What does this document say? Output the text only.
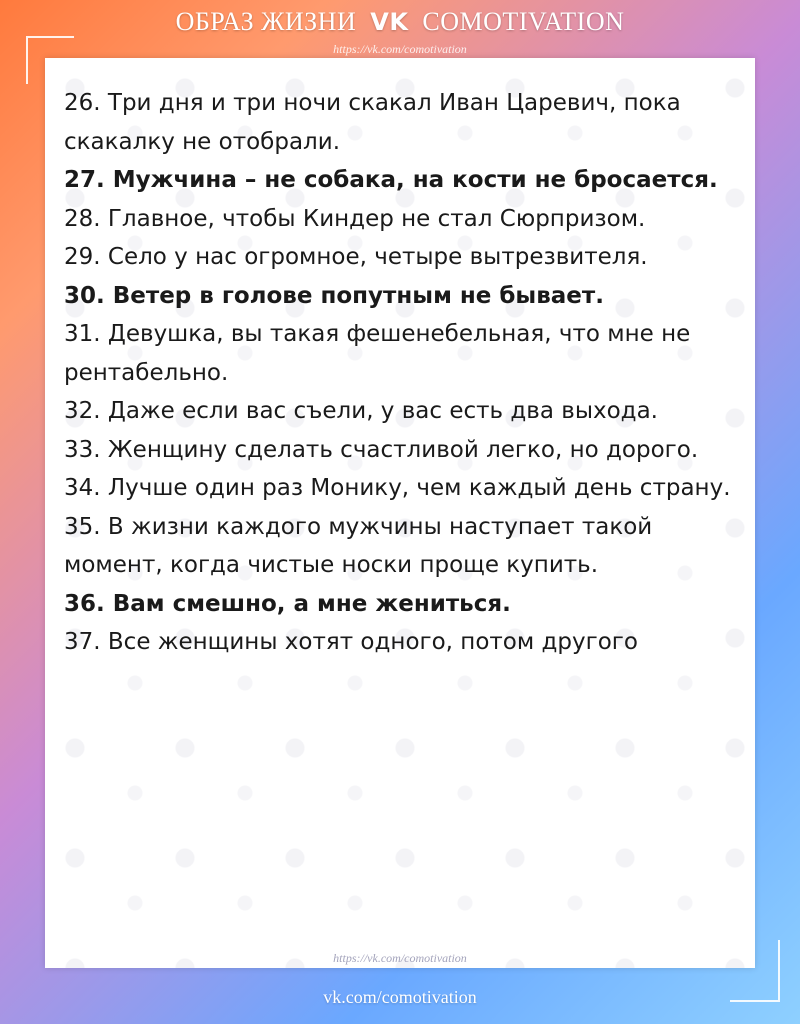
ОБРАЗ ЖИЗНИ VK COMOTIVATION
https://vk.com/comotivation
26. Три дня и три ночи скакал Иван Царевич, пока скакалку не отобрали.
27. Мужчина – не собака, на кости не бросается.
28. Главное, чтобы Киндер не стал Сюрпризом.
29. Село у нас огромное, четыре вытрезвителя.
30. Ветер в голове попутным не бывает.
31. Девушка, вы такая фешенебельная, что мне не рентабельно.
32. Даже если вас съели, у вас есть два выхода.
33. Женщину сделать счастливой легко, но дорого.
34. Лучше один раз Монику, чем каждый день страну.
35. В жизни каждого мужчины наступает такой момент, когда чистые носки проще купить.
36. Вам смешно, а мне жениться.
37. Все женщины хотят одного, потом другого
https://vk.com/comotivation
vk.com/comotivation
